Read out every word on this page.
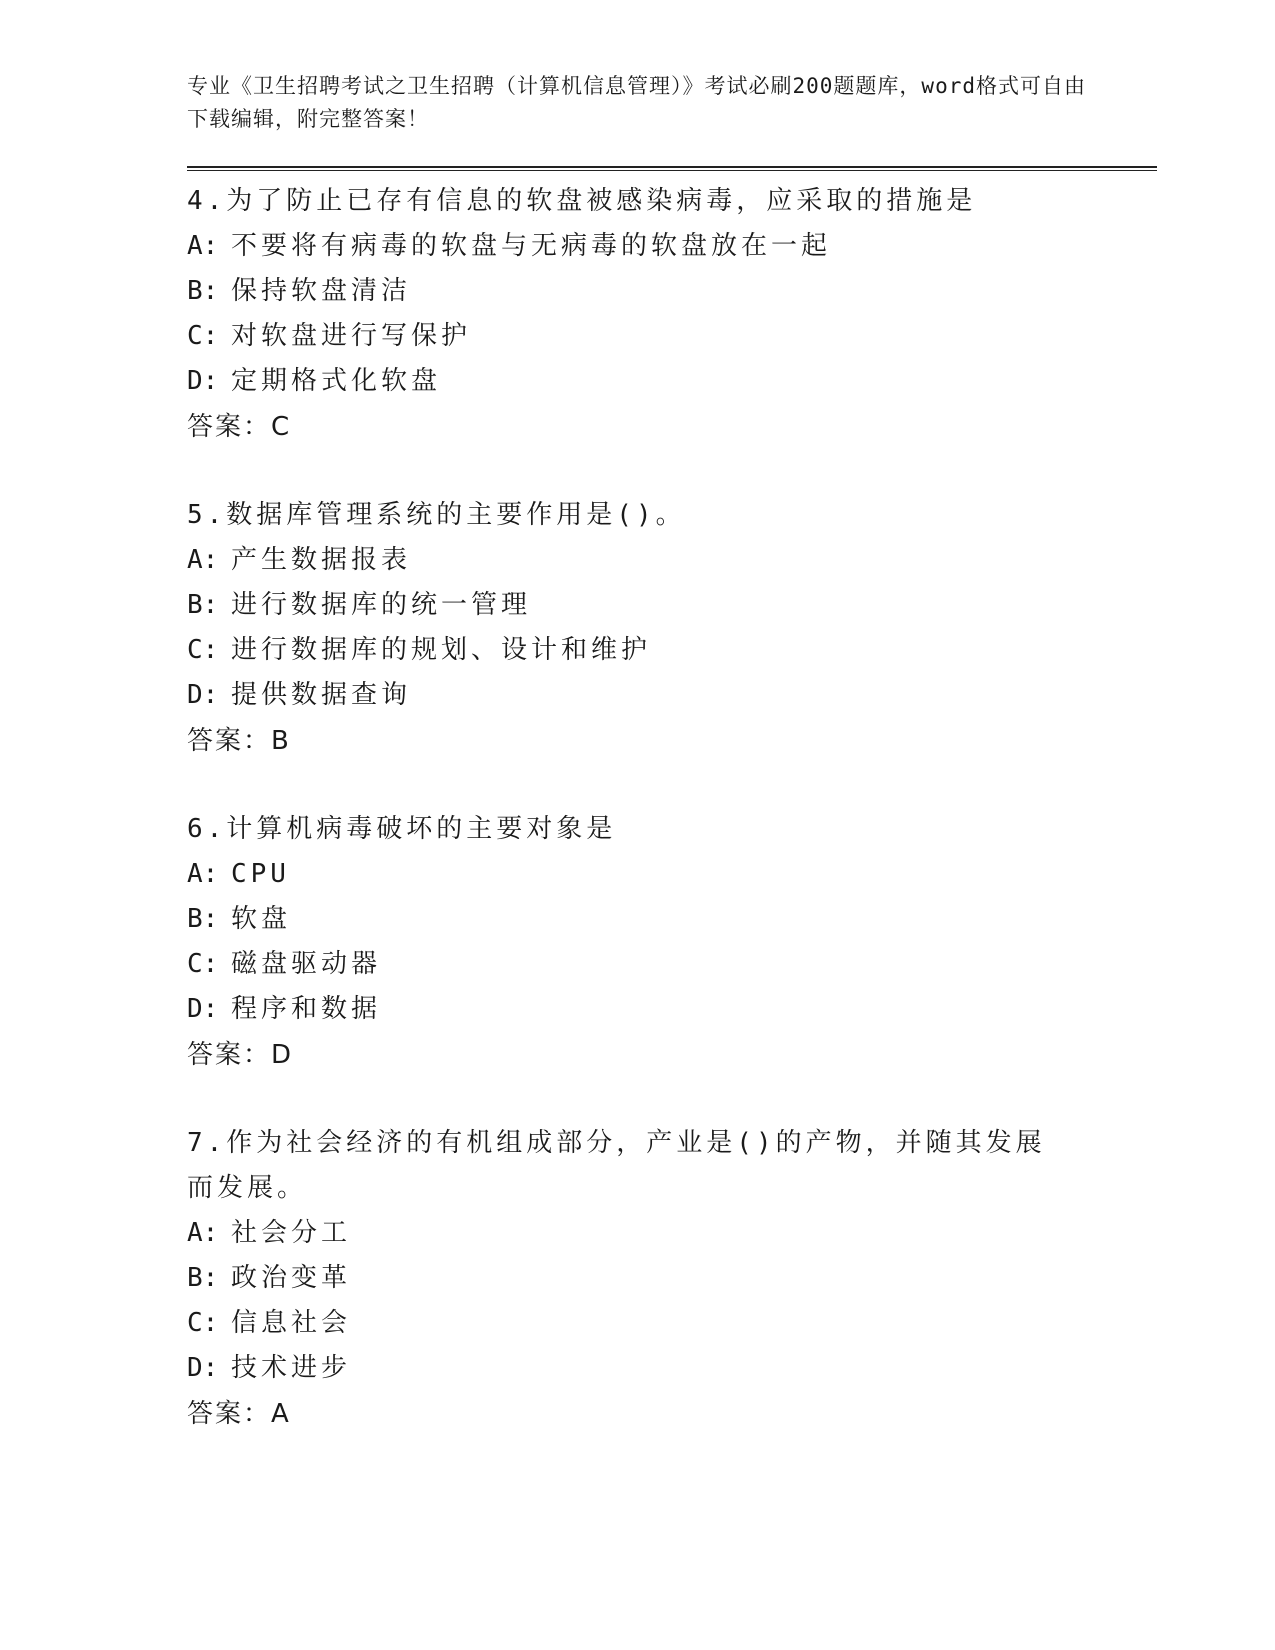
专业《卫生招聘考试之卫生招聘（计算机信息管理）》考试必刷200题题库，word格式可自由下载编辑，附完整答案！

4.为了防止已存有信息的软盘被感染病毒，应采取的措施是

A: 不要将有病毒的软盘与无病毒的软盘放在一起

B: 保持软盘清洁

C: 对软盘进行写保护

D: 定期格式化软盘

答案：C

5.数据库管理系统的主要作用是()。

A: 产生数据报表

B: 进行数据库的统一管理

C: 进行数据库的规划、设计和维护

D: 提供数据查询

答案：B

6.计算机病毒破坏的主要对象是

A: CPU

B: 软盘

C: 磁盘驱动器

D: 程序和数据

答案：D

7.作为社会经济的有机组成部分，产业是()的产物，并随其发展而发展。

A: 社会分工

B: 政治变革

C: 信息社会

D: 技术进步

答案：A
